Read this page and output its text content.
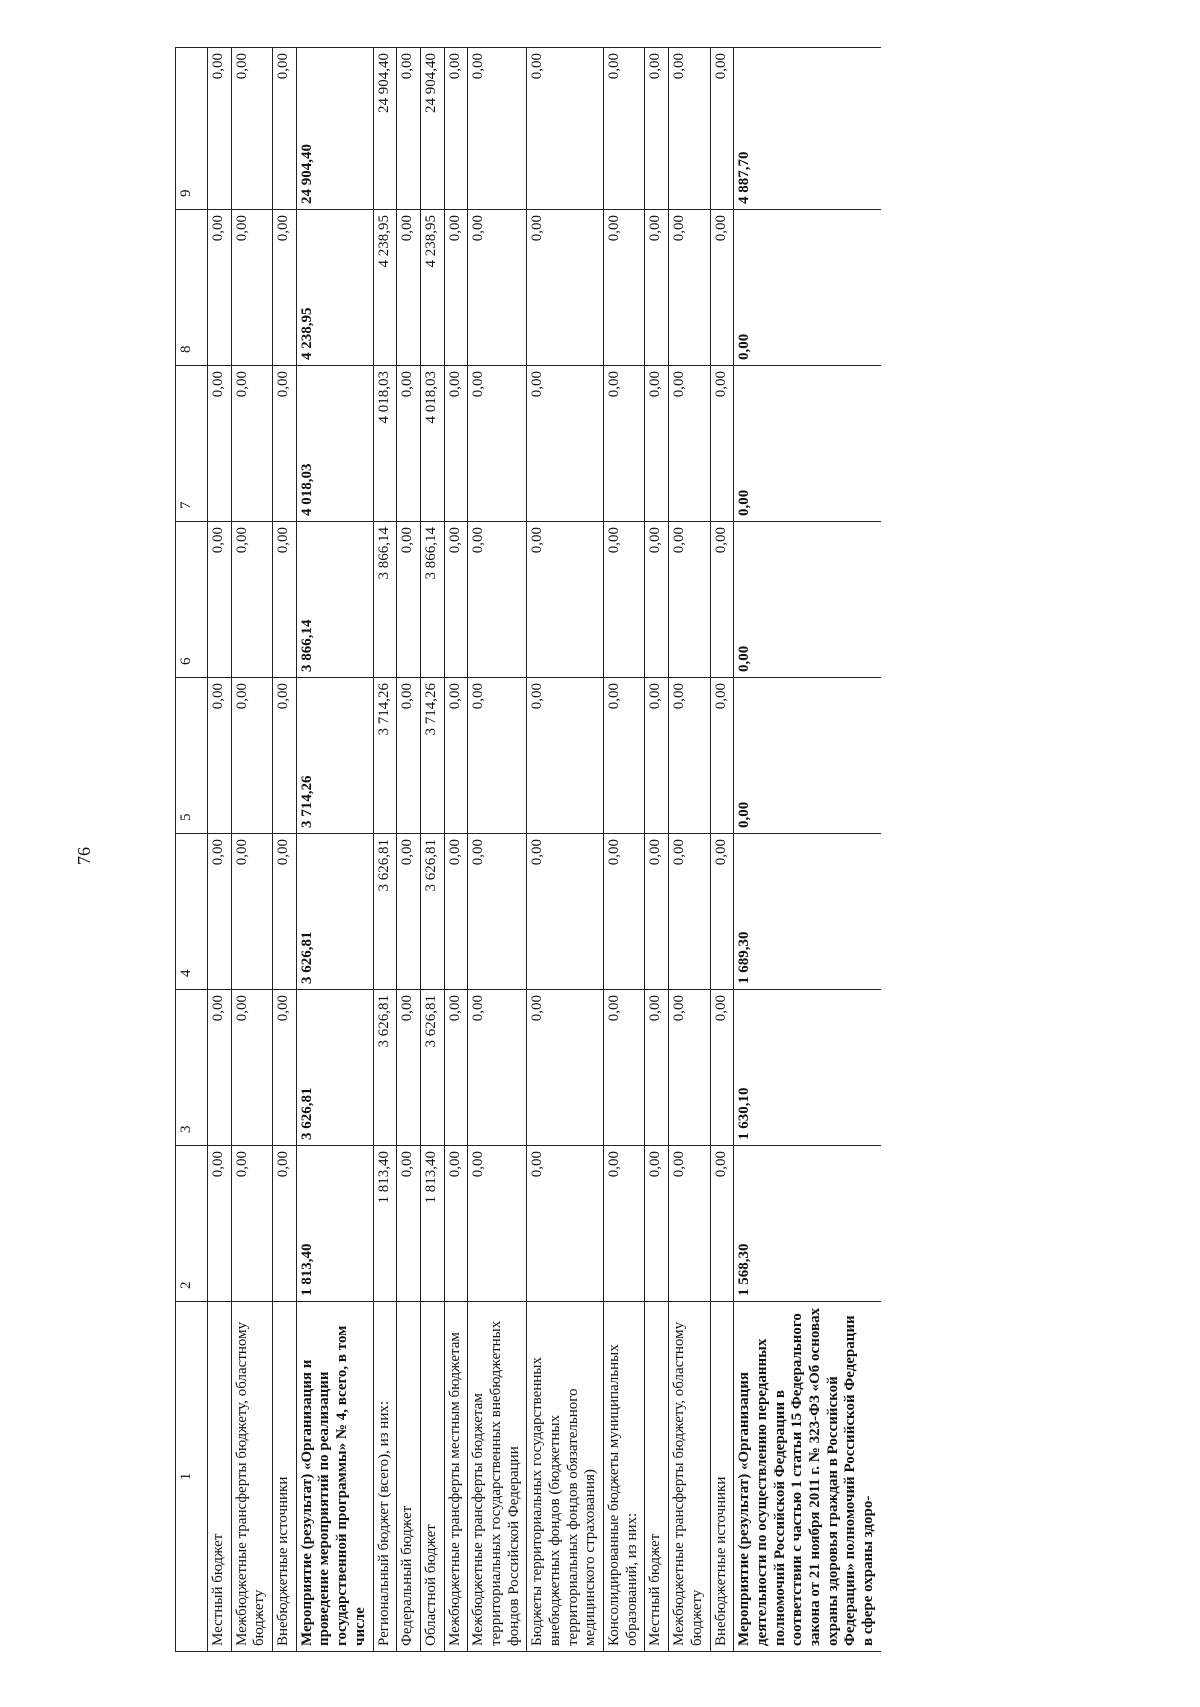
76
1	2	3	4	5	6	7	8	9
Местный бюджет	0,00	0,00	0,00	0,00	0,00	0,00	0,00	0,00
Межбюджетные трансферты бюджету, областному бюджету	0,00	0,00	0,00	0,00	0,00	0,00	0,00	0,00
Внебюджетные источники	0,00	0,00	0,00	0,00	0,00	0,00	0,00	0,00
Мероприятие (результат) «Организация и проведение мероприятий по реализации государственной программы» № 4, всего, в том числе	1 813,40	3 626,81	3 626,81	3 714,26	3 866,14	4 018,03	4 238,95	24 904,40
Региональный бюджет (всего), из них:	1 813,40	3 626,81	3 626,81	3 714,26	3 866,14	4 018,03	4 238,95	24 904,40
Федеральный бюджет	0,00	0,00	0,00	0,00	0,00	0,00	0,00	0,00
Областной бюджет	1 813,40	3 626,81	3 626,81	3 714,26	3 866,14	4 018,03	4 238,95	24 904,40
Межбюджетные трансферты местным бюджетам	0,00	0,00	0,00	0,00	0,00	0,00	0,00	0,00
Межбюджетные трансферты бюджетам территориальных государственных внебюджетных фондов Российской Федерации	0,00	0,00	0,00	0,00	0,00	0,00	0,00	0,00
Бюджеты территориальных государственных внебюджетных фондов (бюджетных территориальных фондов обязательного медицинского страхования)	0,00	0,00	0,00	0,00	0,00	0,00	0,00	0,00
Консолидированные бюджеты муниципальных образований, из них:	0,00	0,00	0,00	0,00	0,00	0,00	0,00	0,00
Местный бюджет	0,00	0,00	0,00	0,00	0,00	0,00	0,00	0,00
Межбюджетные трансферты бюджету, областному бюджету	0,00	0,00	0,00	0,00	0,00	0,00	0,00	0,00
Внебюджетные источники	0,00	0,00	0,00	0,00	0,00	0,00	0,00	0,00
Мероприятие (результат) «Организация деятельности по осуществлению переданных полномочий Российской Федерации в соответствии с частью 1 статьи 15 Федерального закона от 21 ноября 2011 г. № 323-ФЗ «Об основах охраны здоровья граждан в Российской Федерации» полномочий Российской Федерации в сфере охраны здоро-	1 568,30	1 630,10	1 689,30	0,00	0,00	0,00	0,00	4 887,70
